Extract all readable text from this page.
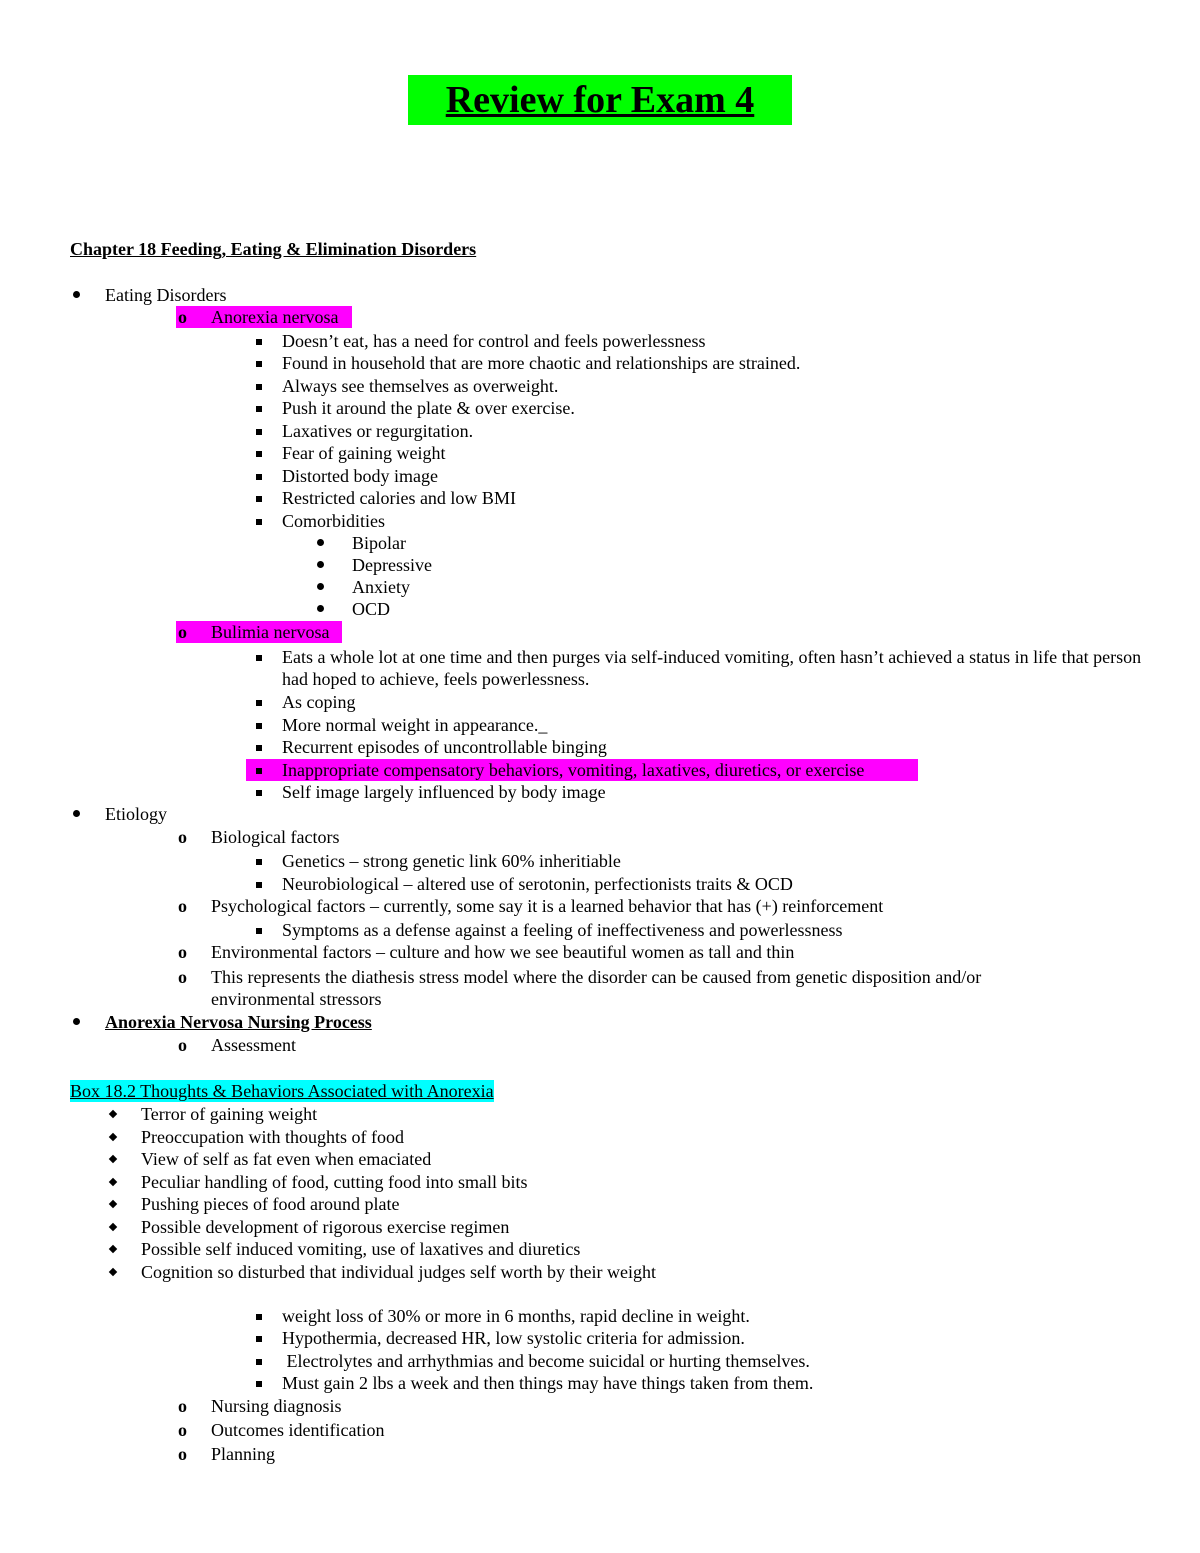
Review for Exam 4
Chapter 18 Feeding, Eating & Elimination Disorders
Eating Disorders
o Anorexia nervosa
Doesn’t eat, has a need for control and feels powerlessness
Found in household that are more chaotic and relationships are strained.
Always see themselves as overweight.
Push it around the plate & over exercise.
Laxatives or regurgitation.
Fear of gaining weight
Distorted body image
Restricted calories and low BMI
Comorbidities
Bipolar
Depressive
Anxiety
OCD
o Bulimia nervosa
Eats a whole lot at one time and then purges via self-induced vomiting, often hasn’t achieved a status in life that person had hoped to achieve, feels powerlessness.
As coping
More normal weight in appearance._
Recurrent episodes of uncontrollable binging
Inappropriate compensatory behaviors, vomiting, laxatives, diuretics, or exercise
Self image largely influenced by body image
Etiology
o Biological factors
Genetics – strong genetic link 60% inheritiable
Neurobiological – altered use of serotonin, perfectionists traits & OCD
o Psychological factors – currently, some say it is a learned behavior that has (+) reinforcement
Symptoms as a defense against a feeling of ineffectiveness and powerlessness
o Environmental factors – culture and how we see beautiful women as tall and thin
o This represents the diathesis stress model where the disorder can be caused from genetic disposition and/or environmental stressors
Anorexia Nervosa Nursing Process
o Assessment
Box 18.2 Thoughts & Behaviors Associated with Anorexia
Terror of gaining weight
Preoccupation with thoughts of food
View of self as fat even when emaciated
Peculiar handling of food, cutting food into small bits
Pushing pieces of food around plate
Possible development of rigorous exercise regimen
Possible self induced vomiting, use of laxatives and diuretics
Cognition so disturbed that individual judges self worth by their weight
weight loss of 30% or more in 6 months, rapid decline in weight.
Hypothermia, decreased HR, low systolic criteria for admission.
Electrolytes and arrhythmias and become suicidal or hurting themselves.
Must gain 2 lbs a week and then things may have things taken from them.
o Nursing diagnosis
o Outcomes identification
o Planning
